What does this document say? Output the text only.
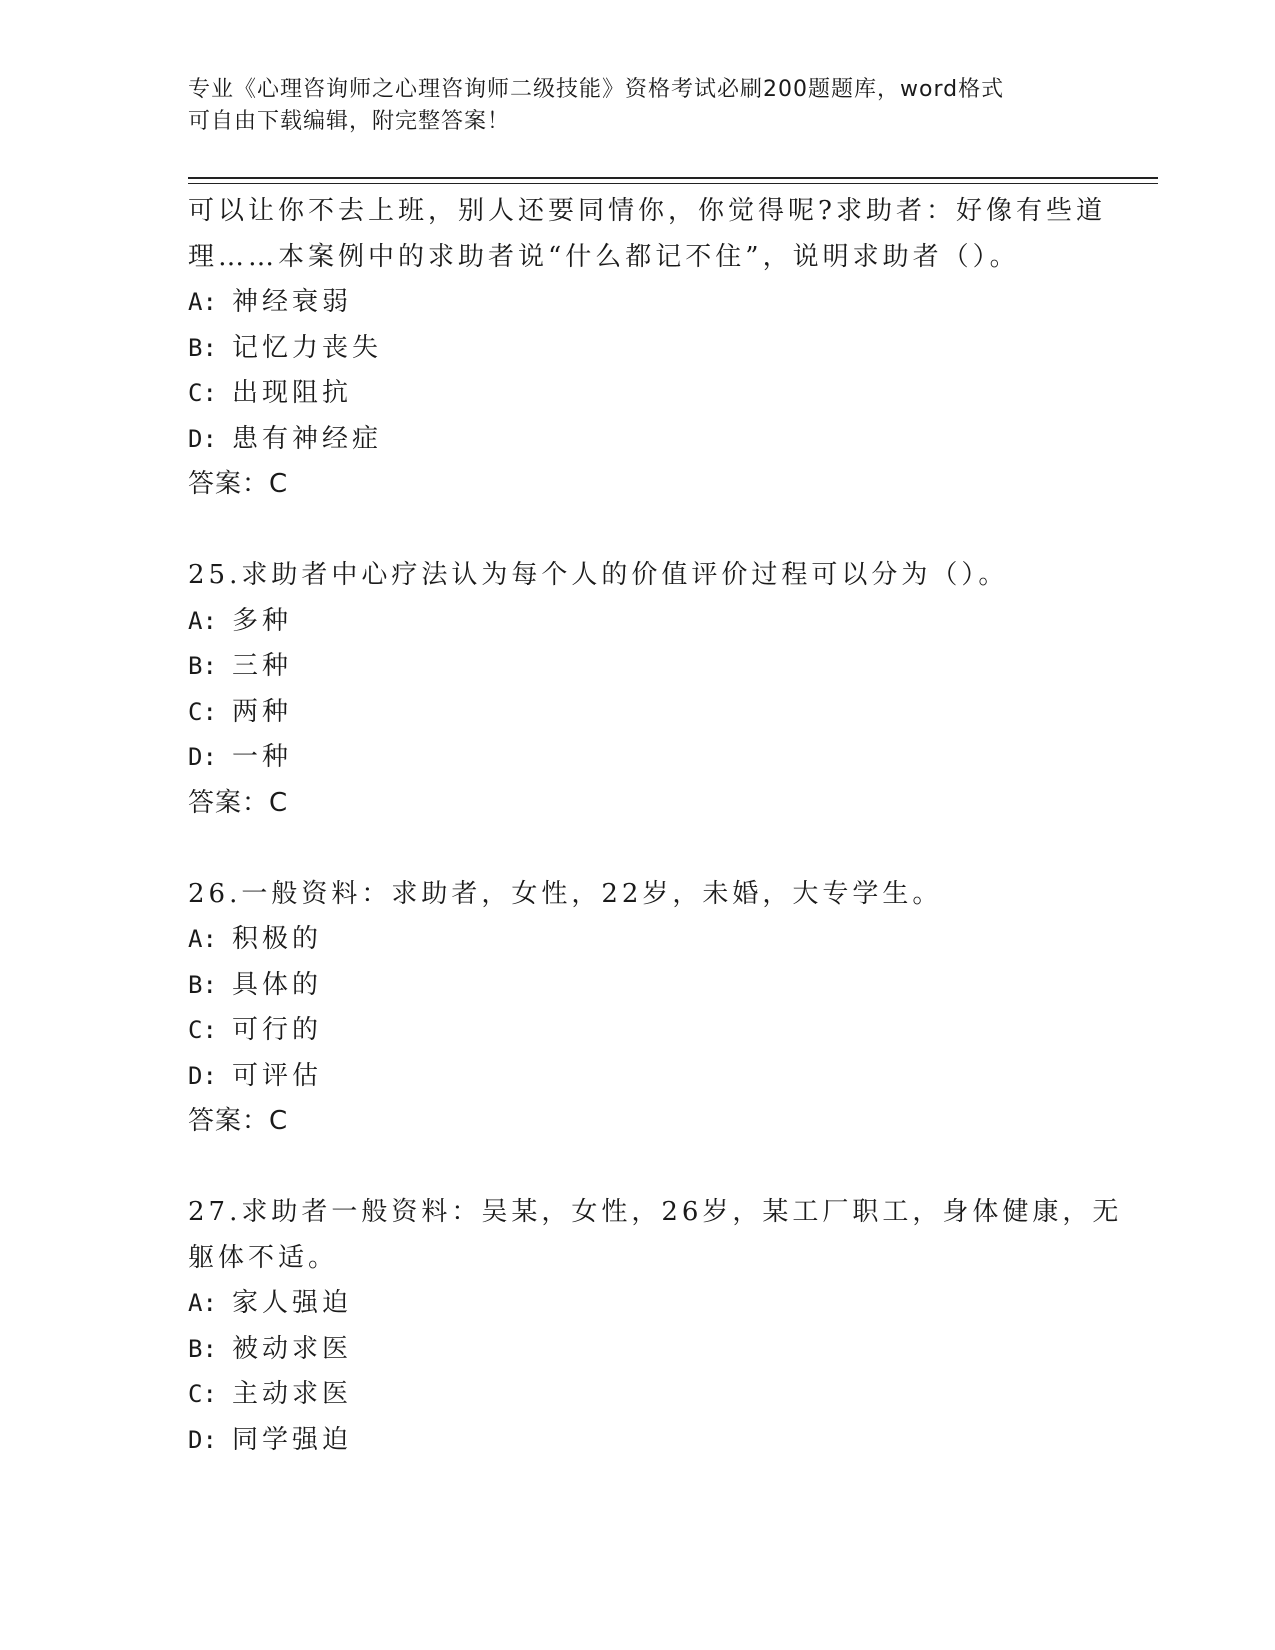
专业《心理咨询师之心理咨询师二级技能》资格考试必刷200题题库，word格式
可自由下载编辑，附完整答案！
可以让你不去上班，别人还要同情你，你觉得呢?求助者：好像有些道
理……本案例中的求助者说“什么都记不住”，说明求助者（）。
A: 神经衰弱
B: 记忆力丧失
C: 出现阻抗
D: 患有神经症
答案：C
25.求助者中心疗法认为每个人的价值评价过程可以分为（）。
A: 多种
B: 三种
C: 两种
D: 一种
答案：C
26.一般资料：求助者，女性，22岁，未婚，大专学生。
A: 积极的
B: 具体的
C: 可行的
D: 可评估
答案：C
27.求助者一般资料：吴某，女性，26岁，某工厂职工，身体健康，无
躯体不适。
A: 家人强迫
B: 被动求医
C: 主动求医
D: 同学强迫
